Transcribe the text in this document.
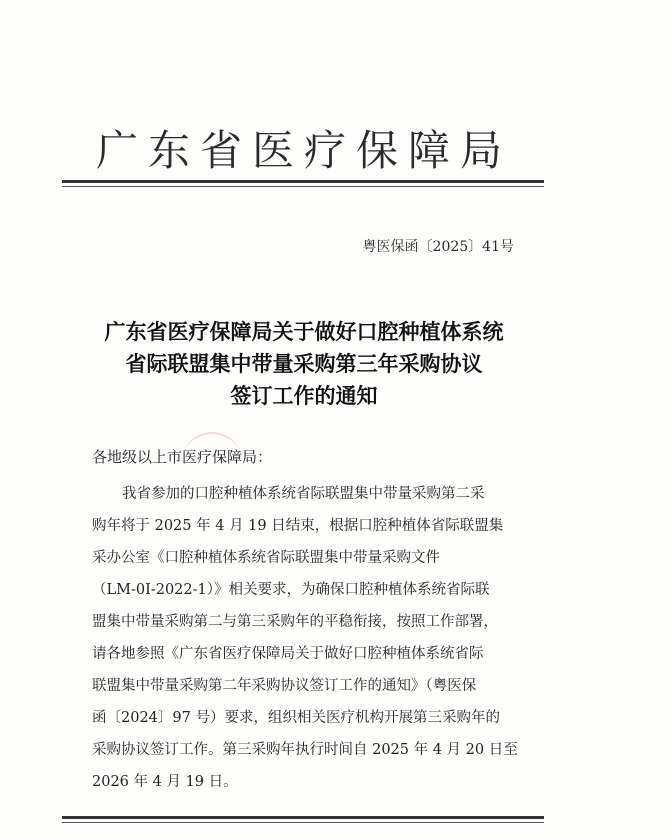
广东省医疗保障局
粤医保函〔2025〕41号
广东省医疗保障局关于做好口腔种植体系统
省际联盟集中带量采购第三年采购协议
签订工作的通知
各地级以上市医疗保障局：
我省参加的口腔种植体系统省际联盟集中带量采购第二采
购年将于 2025 年 4 月 19 日结束，根据口腔种植体省际联盟集
采办公室《口腔种植体系统省际联盟集中带量采购文件
（LM-0I-2022-1）》相关要求，为确保口腔种植体系统省际联
盟集中带量采购第二与第三采购年的平稳衔接，按照工作部署，
请各地参照《广东省医疗保障局关于做好口腔种植体系统省际
联盟集中带量采购第二年采购协议签订工作的通知》（粤医保
函〔2024〕97 号）要求，组织相关医疗机构开展第三采购年的
采购协议签订工作。第三采购年执行时间自 2025 年 4 月 20 日至
2026 年 4 月 19 日。
